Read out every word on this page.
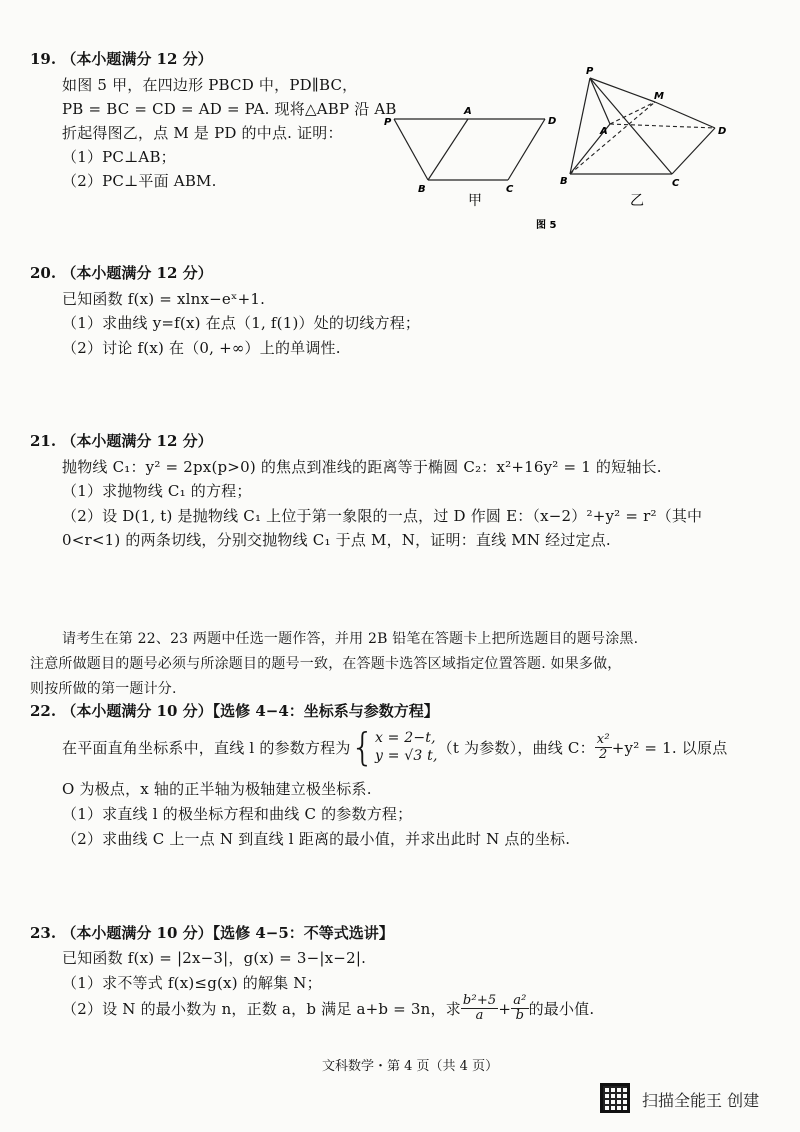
19. （本小题满分 12 分）
如图 5 甲，在四边形 PBCD 中，PD∥BC，
PB = BC = CD = AD = PA. 现将△ABP 沿 AB
折起得图乙，点 M 是 PD 的中点. 证明：
（1）PC⊥AB；
（2）PC⊥平面 ABM.
P
A
D
B	C
甲
P
M
A	D
B	C
乙
图 5
20. （本小题满分 12 分）
已知函数 f(x) = xlnx−eˣ+1.
（1）求曲线 y=f(x) 在点（1, f(1)）处的切线方程；
（2）讨论 f(x) 在（0, +∞）上的单调性.
21. （本小题满分 12 分）
抛物线 C₁：y² = 2px(p>0) 的焦点到准线的距离等于椭圆 C₂：x²+16y² = 1 的短轴长.
（1）求抛物线 C₁ 的方程；
（2）设 D(1, t) 是抛物线 C₁ 上位于第一象限的一点，过 D 作圆 E：（x−2）²+y² = r²（其中
0<r<1) 的两条切线，分别交抛物线 C₁ 于点 M，N，证明：直线 MN 经过定点.
请考生在第 22、23 两题中任选一题作答，并用 2B 铅笔在答题卡上把所选题目的题号涂黑.
注意所做题目的题号必须与所涂题目的题号一致，在答题卡选答区域指定位置答题. 如果多做，
则按所做的第一题计分.
22. （本小题满分 10 分）【选修 4−4：坐标系与参数方程】
在平面直角坐标系中，直线 l 的参数方程为 { x = 2−t,
y = √3 t, （t 为参数），曲线 C： $\frac{\text{x²}}{2} +y^2 = 1$. 以原点
O 为极点，x 轴的正半轴为极轴建立极坐标系.
（1）求直线 l 的极坐标方程和曲线 C 的参数方程；
（2）求曲线 C 上一点 N 到直线 l 距离的最小值，并求出此时 N 点的坐标.
23. （本小题满分 10 分）【选修 4−5：不等式选讲】
已知函数 f(x) = |2x−3|，g(x) = 3−|x−2|.
（1）求不等式 f(x)≤g(x) 的解集 N；
（2）设 N 的最小数为 n，正数 a，b 满足 a+b = 3n，求 $\frac{\text{b²+5}}{a} + \frac{\text{a²}}{b}$ 的最小值.
文科数学・第 4 页（共 4 页）
扫描全能王 创建
